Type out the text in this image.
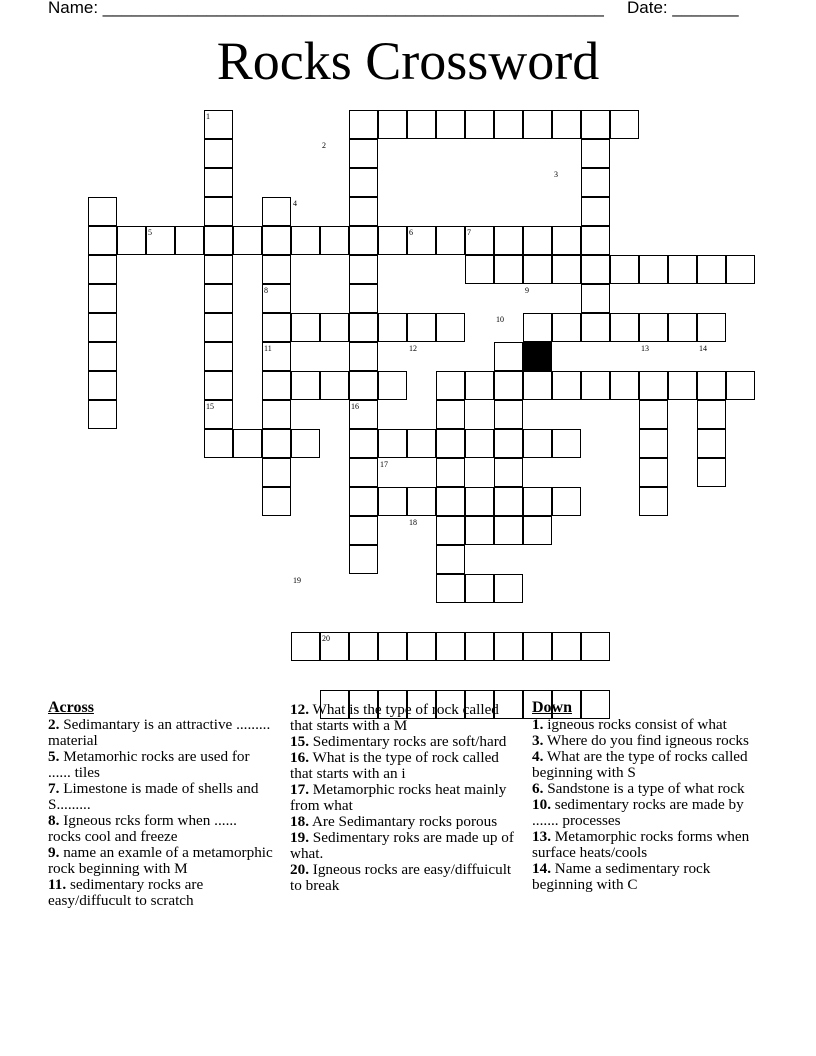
Name: _____________________________________________________ Date: _______
Rocks Crossword
1
2
3
4
5	6	7
8	9
10
11	12	13	14
15	16
17
18
19
20
Across

2. Sedimantary is an attractive ......... material

5. Metamorhic rocks are used for ...... tiles

7. Limestone is made of shells and S.........

8. Igneous rcks form when ...... rocks cool and freeze

9. name an examle of a metamorphic rock beginning with M

11. sedimentary rocks are easy/diffucult to scratch

12. What is the type of rock called that starts with a M

15. Sedimentary rocks are soft/hard

16. What is the type of rock called that starts with an i

17. Metamorphic rocks heat mainly from what

18. Are Sedimantary rocks porous

19. Sedimentary roks are made up of what.

20. Igneous rocks are easy/diffuicult to break

Down

1. igneous rocks consist of what

3. Where do you find igneous rocks

4. What are the type of rocks called beginning with S

6. Sandstone is a type of what rock

10. sedimentary rocks are made by ....... processes

13. Metamorphic rocks forms when surface heats/cools

14. Name a sedimentary rock beginning with C
